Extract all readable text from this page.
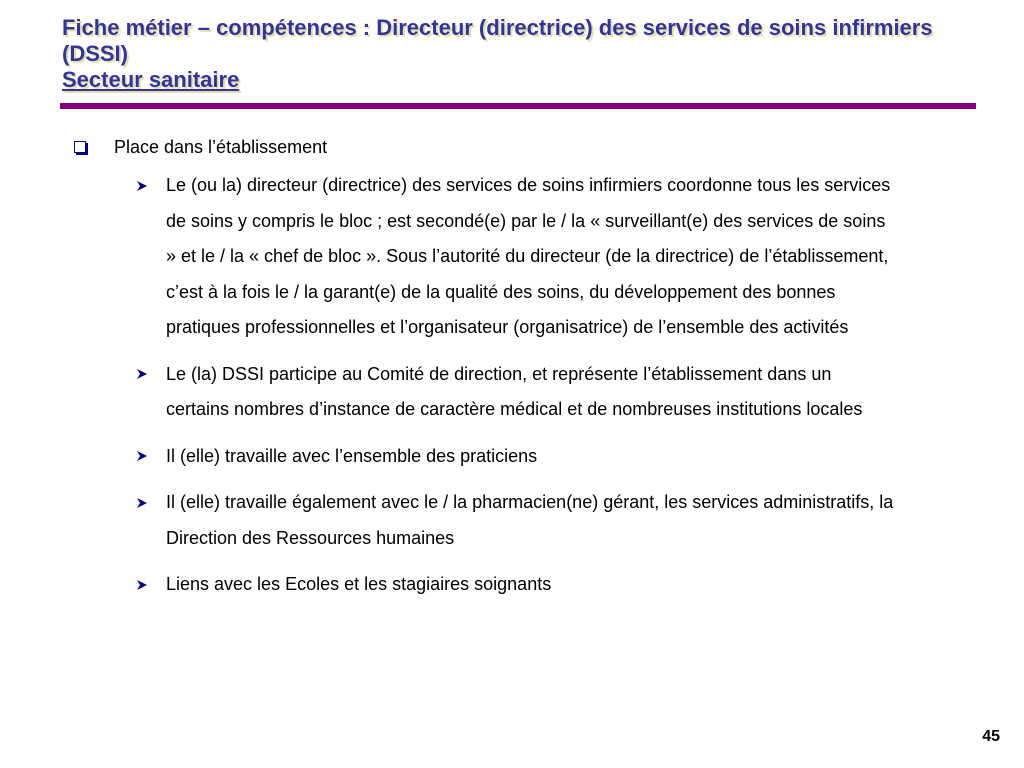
Fiche métier – compétences : Directeur (directrice) des services de soins infirmiers (DSSI)
Secteur sanitaire
Place dans l’établissement
Le (ou la) directeur (directrice) des services de soins infirmiers coordonne tous les services de soins y compris le bloc ; est secondé(e) par le / la « surveillant(e) des services de soins » et le / la « chef de bloc ». Sous l’autorité du directeur (de la directrice) de l’établissement, c’est à la fois le / la garant(e) de la qualité des soins, du développement des bonnes pratiques professionnelles et l’organisateur (organisatrice) de l’ensemble des activités
Le (la) DSSI participe au Comité de direction, et représente l’établissement dans un certains nombres d’instance de caractère médical et de nombreuses institutions locales
Il (elle) travaille avec l’ensemble des praticiens
Il (elle) travaille également avec le / la pharmacien(ne) gérant, les services administratifs, la Direction des Ressources humaines
Liens avec les Ecoles et les stagiaires soignants
45
